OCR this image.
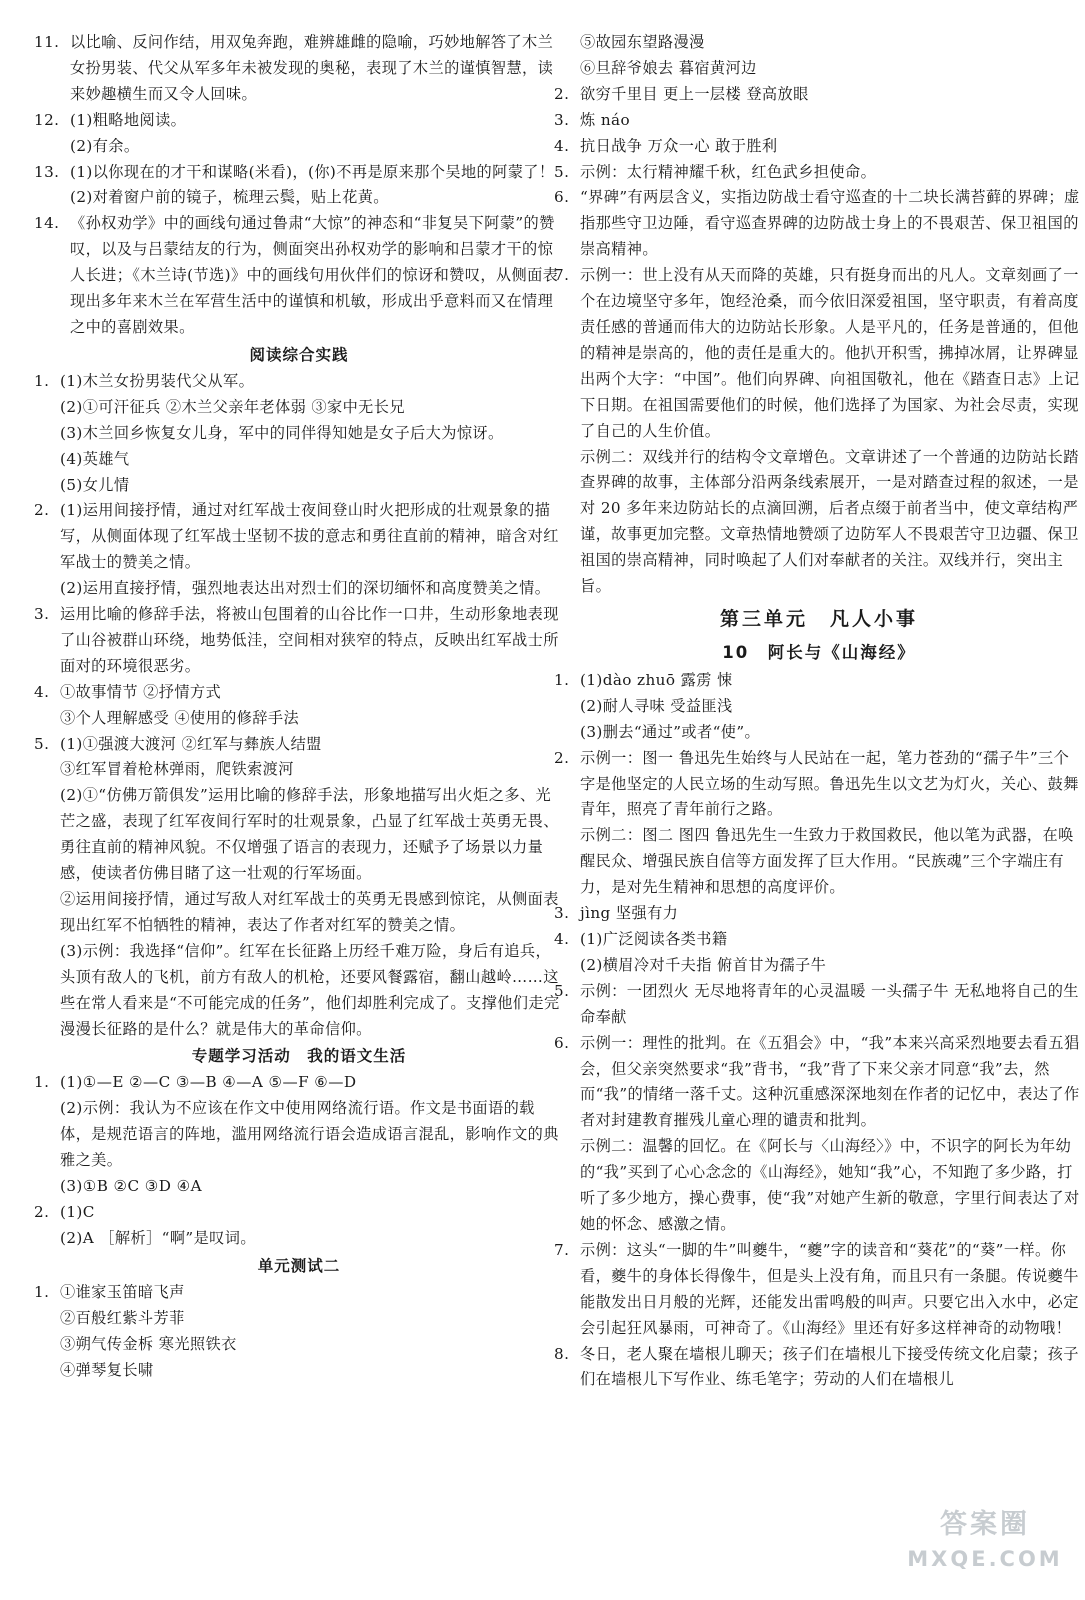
11. 以比喻、反问作结，用双兔奔跑，难辨雄雌的隐喻，巧妙地解答了木兰女扮男装、代父从军多年未被发现的奥秘，表现了木兰的谨慎智慧，读来妙趣横生而又令人回味。
12. (1)粗略地阅读。
(2)有余。
13. (1)以你现在的才干和谋略(米看)，(你)不再是原来那个吴地的阿蒙了！
(2)对着窗户前的镜子，梳理云鬓，贴上花黄。
14. 《孙权劝学》中的画线句通过鲁肃“大惊”的神态和“非复吴下阿蒙”的赞叹，以及与吕蒙结友的行为，侧面突出孙权劝学的影响和吕蒙才干的惊人长进；《木兰诗(节选)》中的画线句用伙伴们的惊讶和赞叹，从侧面表现出多年来木兰在军营生活中的谨慎和机敏，形成出乎意料而又在情理之中的喜剧效果。
阅读综合实践
1. (1)木兰女扮男装代父从军。
(2)①可汗征兵 ②木兰父亲年老体弱 ③家中无长兄
(3)木兰回乡恢复女儿身，军中的同伴得知她是女子后大为惊讶。
(4)英雄气
(5)女儿情
2. (1)运用间接抒情，通过对红军战士夜间登山时火把形成的壮观景象的描写，从侧面体现了红军战士坚韧不拔的意志和勇往直前的精神，暗含对红军战士的赞美之情。
(2)运用直接抒情，强烈地表达出对烈士们的深切缅怀和高度赞美之情。
3. 运用比喻的修辞手法，将被山包围着的山谷比作一口井，生动形象地表现了山谷被群山环绕，地势低洼，空间相对狭窄的特点，反映出红军战士所面对的环境很恶劣。
4. ①故事情节 ②抒情方式
③个人理解感受 ④使用的修辞手法
5. (1)①强渡大渡河 ②红军与彝族人结盟
③红军冒着枪林弹雨，爬铁索渡河
(2)①“仿佛万箭俱发”运用比喻的修辞手法，形象地描写出火炬之多、光芒之盛，表现了红军夜间行军时的壮观景象，凸显了红军战士英勇无畏、勇往直前的精神风貌。不仅增强了语言的表现力，还赋予了场景以力量感，使读者仿佛目睹了这一壮观的行军场面。
②运用间接抒情，通过写敌人对红军战士的英勇无畏感到惊诧，从侧面表现出红军不怕牺牲的精神，表达了作者对红军的赞美之情。
(3)示例：我选择“信仰”。红军在长征路上历经千难万险，身后有追兵，头顶有敌人的飞机，前方有敌人的机枪，还要风餐露宿，翻山越岭……这些在常人看来是“不可能完成的任务”，他们却胜利完成了。支撑他们走完漫漫长征路的是什么？就是伟大的革命信仰。
专题学习活动　我的语文生活
1. (1)①—E ②—C ③—B ④—A ⑤—F ⑥—D
(2)示例：我认为不应该在作文中使用网络流行语。作文是书面语的载体，是规范语言的阵地，滥用网络流行语会造成语言混乱，影响作文的典雅之美。
(3)①B ②C ③D ④A
2. (1)C
(2)A ［解析］“啊”是叹词。
单元测试二
1. ①谁家玉笛暗飞声
②百般红紫斗芳菲
③朔气传金柝 寒光照铁衣
④弹琴复长啸
⑤故园东望路漫漫
⑥旦辞爷娘去 暮宿黄河边
2. 欲穷千里目 更上一层楼 登高放眼
3. 炼 náo
4. 抗日战争 万众一心 敢于胜利
5. 示例：太行精神耀千秋，红色武乡担使命。
6. “界碑”有两层含义，实指边防战士看守巡查的十二块长满苔藓的界碑；虚指那些守卫边陲，看守巡查界碑的边防战士身上的不畏艰苦、保卫祖国的崇高精神。
7. 示例一：世上没有从天而降的英雄，只有挺身而出的凡人。文章刻画了一个在边境坚守多年，饱经沧桑，而今依旧深爱祖国，坚守职责，有着高度责任感的普通而伟大的边防站长形象。人是平凡的，任务是普通的，但他的精神是崇高的，他的责任是重大的。他扒开积雪，拂掉冰屑，让界碑显出两个大字：“中国”。他们向界碑、向祖国敬礼，他在《踏查日志》上记下日期。在祖国需要他们的时候，他们选择了为国家、为社会尽责，实现了自己的人生价值。
示例二：双线并行的结构令文章增色。文章讲述了一个普通的边防站长踏查界碑的故事，主体部分沿两条线索展开，一是对踏查过程的叙述，一是对 20 多年来边防站长的点滴回溯，后者点缀于前者当中，使文章结构严谨，故事更加完整。文章热情地赞颂了边防军人不畏艰苦守卫边疆、保卫祖国的崇高精神，同时唤起了人们对奉献者的关注。双线并行，突出主旨。
第三单元　凡人小事
10　阿长与《山海经》
1. (1)dào zhuō 露雳 悚
(2)耐人寻味 受益匪浅
(3)删去“通过”或者“使”。
2. 示例一：图一 鲁迅先生始终与人民站在一起，笔力苍劲的“孺子牛”三个字是他坚定的人民立场的生动写照。鲁迅先生以文艺为灯火，关心、鼓舞青年，照亮了青年前行之路。
示例二：图二 图四 鲁迅先生一生致力于救国救民，他以笔为武器，在唤醒民众、增强民族自信等方面发挥了巨大作用。“民族魂”三个字端庄有力，是对先生精神和思想的高度评价。
3. jìng 坚强有力
4. (1)广泛阅读各类书籍
(2)横眉冷对千夫指 俯首甘为孺子牛
5. 示例：一团烈火 无尽地将青年的心灵温暖 一头孺子牛 无私地将自己的生命奉献
6. 示例一：理性的批判。在《五猖会》中，“我”本来兴高采烈地要去看五猖会，但父亲突然要求“我”背书，“我”背了下来父亲才同意“我”去，然而“我”的情绪一落千丈。这种沉重感深深地刻在作者的记忆中，表达了作者对封建教育摧残儿童心理的谴责和批判。
示例二：温馨的回忆。在《阿长与〈山海经〉》中，不识字的阿长为年幼的“我”买到了心心念念的《山海经》，她知“我”心，不知跑了多少路，打听了多少地方，操心费事，使“我”对她产生新的敬意，字里行间表达了对她的怀念、感激之情。
7. 示例：这头“一脚的牛”叫夔牛，“夔”字的读音和“葵花”的“葵”一样。你看，夔牛的身体长得像牛，但是头上没有角，而且只有一条腿。传说夔牛能散发出日月般的光辉，还能发出雷鸣般的叫声。只要它出入水中，必定会引起狂风暴雨，可神奇了。《山海经》里还有好多这样神奇的动物哦！
8. 冬日，老人聚在墙根儿聊天；孩子们在墙根儿下接受传统文化启蒙；孩子们在墙根儿下写作业、练毛笔字；劳动的人们在墙根儿
答案圈
MXQE.COM
